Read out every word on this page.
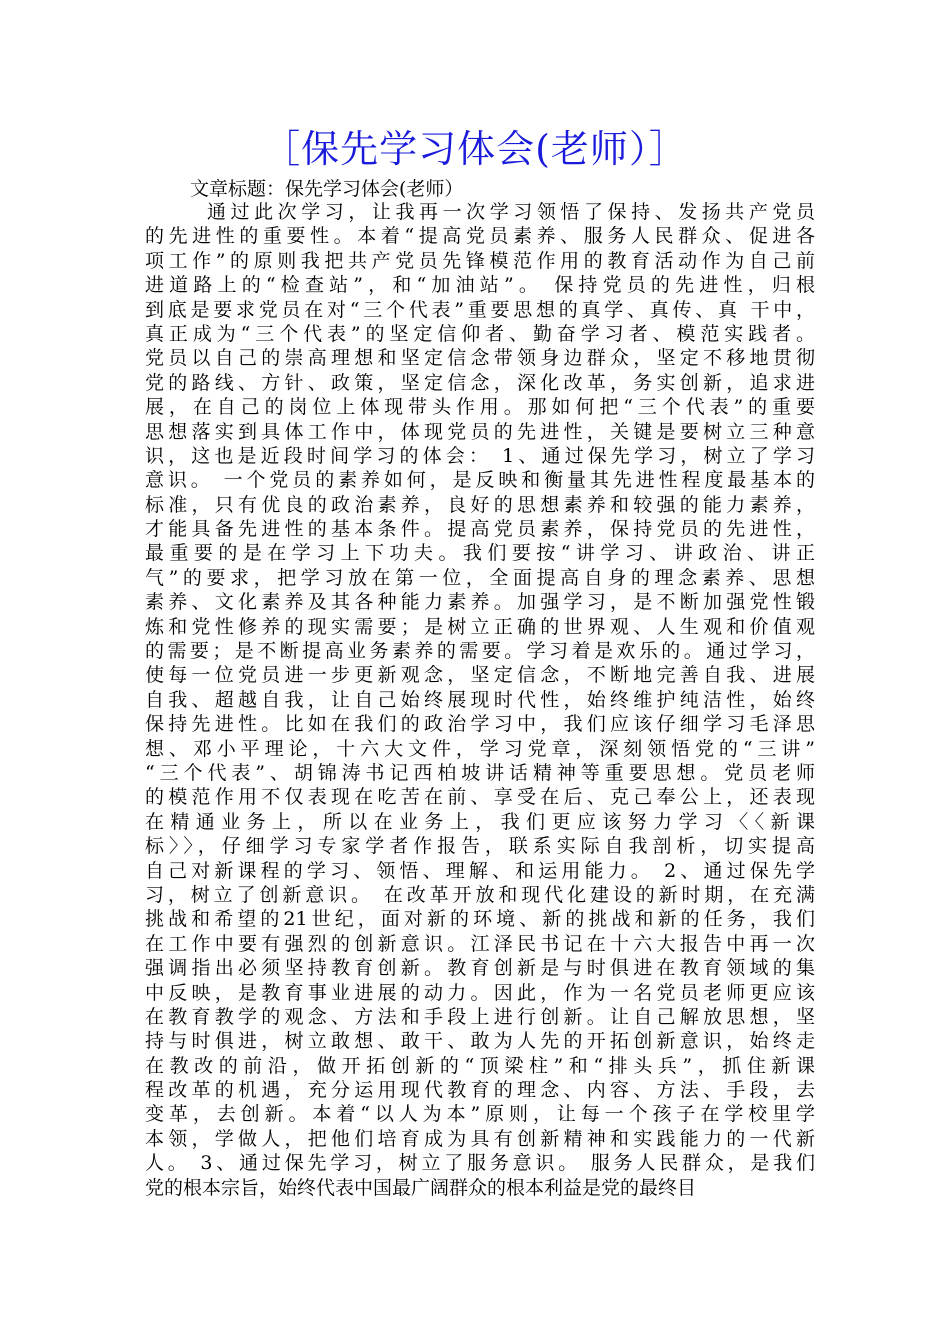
［保先学习体会(老师）］
文章标题：保先学习体会(老师）
通过此次学习，让我再一次学习领悟了保持、发扬共产党员
的先进性的重要性。本着“提高党员素养、服务人民群众、促进各
项工作”的原则我把共产党员先锋模范作用的教育活动作为自己前
进道路上的“检查站”，和“加油站”。 保持党员的先进性，归根
到底是要求党员在对“三个代表”重要思想的真学、真传、真 干中，
真正成为“三个代表”的坚定信仰者、勤奋学习者、模范实践者。
党员以自己的崇高理想和坚定信念带领身边群众，坚定不移地贯彻
党的路线、方针、政策，坚定信念，深化改革，务实创新，追求进
展，在自己的岗位上体现带头作用。那如何把“三个代表”的重要
思想落实到具体工作中，体现党员的先进性，关键是要树立三种意
识，这也是近段时间学习的体会： 1、通过保先学习，树立了学习
意识。 一个党员的素养如何，是反映和衡量其先进性程度最基本的
标准，只有优良的政治素养，良好的思想素养和较强的能力素养，
才能具备先进性的基本条件。提高党员素养，保持党员的先进性，
最重要的是在学习上下功夫。我们要按“讲学习、讲政治、讲正
气”的要求，把学习放在第一位，全面提高自身的理念素养、思想
素养、文化素养及其各种能力素养。加强学习，是不断加强党性锻
炼和党性修养的现实需要；是树立正确的世界观、人生观和价值观
的需要；是不断提高业务素养的需要。学习着是欢乐的。通过学习，
使每一位党员进一步更新观念，坚定信念，不断地完善自我、进展
自我、超越自我，让自己始终展现时代性，始终维护纯洁性，始终
保持先进性。比如在我们的政治学习中，我们应该仔细学习毛泽思
想、邓小平理论，十六大文件，学习党章，深刻领悟党的“三讲”
“三个代表”、胡锦涛书记西柏坡讲话精神等重要思想。党员老师
的模范作用不仅表现在吃苦在前、享受在后、克己奉公上，还表现
在精通业务上，所以在业务上，我们更应该努力学习〈〈新课
标〉〉，仔细学习专家学者作报告，联系实际自我剖析，切实提高
自己对新课程的学习、领悟、理解、和运用能力。 2、通过保先学
习，树立了创新意识。 在改革开放和现代化建设的新时期，在充满
挑战和希望的21世纪，面对新的环境、新的挑战和新的任务，我们
在工作中要有强烈的创新意识。江泽民书记在十六大报告中再一次
强调指出必须坚持教育创新。教育创新是与时俱进在教育领域的集
中反映，是教育事业进展的动力。因此，作为一名党员老师更应该
在教育教学的观念、方法和手段上进行创新。让自己解放思想，坚
持与时俱进，树立敢想、敢干、敢为人先的开拓创新意识，始终走
在教改的前沿，做开拓创新的“顶梁柱”和“排头兵”，抓住新课
程改革的机遇，充分运用现代教育的理念、内容、方法、手段，去
变革，去创新。本着“以人为本”原则，让每一个孩子在学校里学
本领，学做人，把他们培育成为具有创新精神和实践能力的一代新
人。 3、通过保先学习，树立了服务意识。 服务人民群众，是我们
党的根本宗旨，始终代表中国最广阔群众的根本利益是党的最终目
